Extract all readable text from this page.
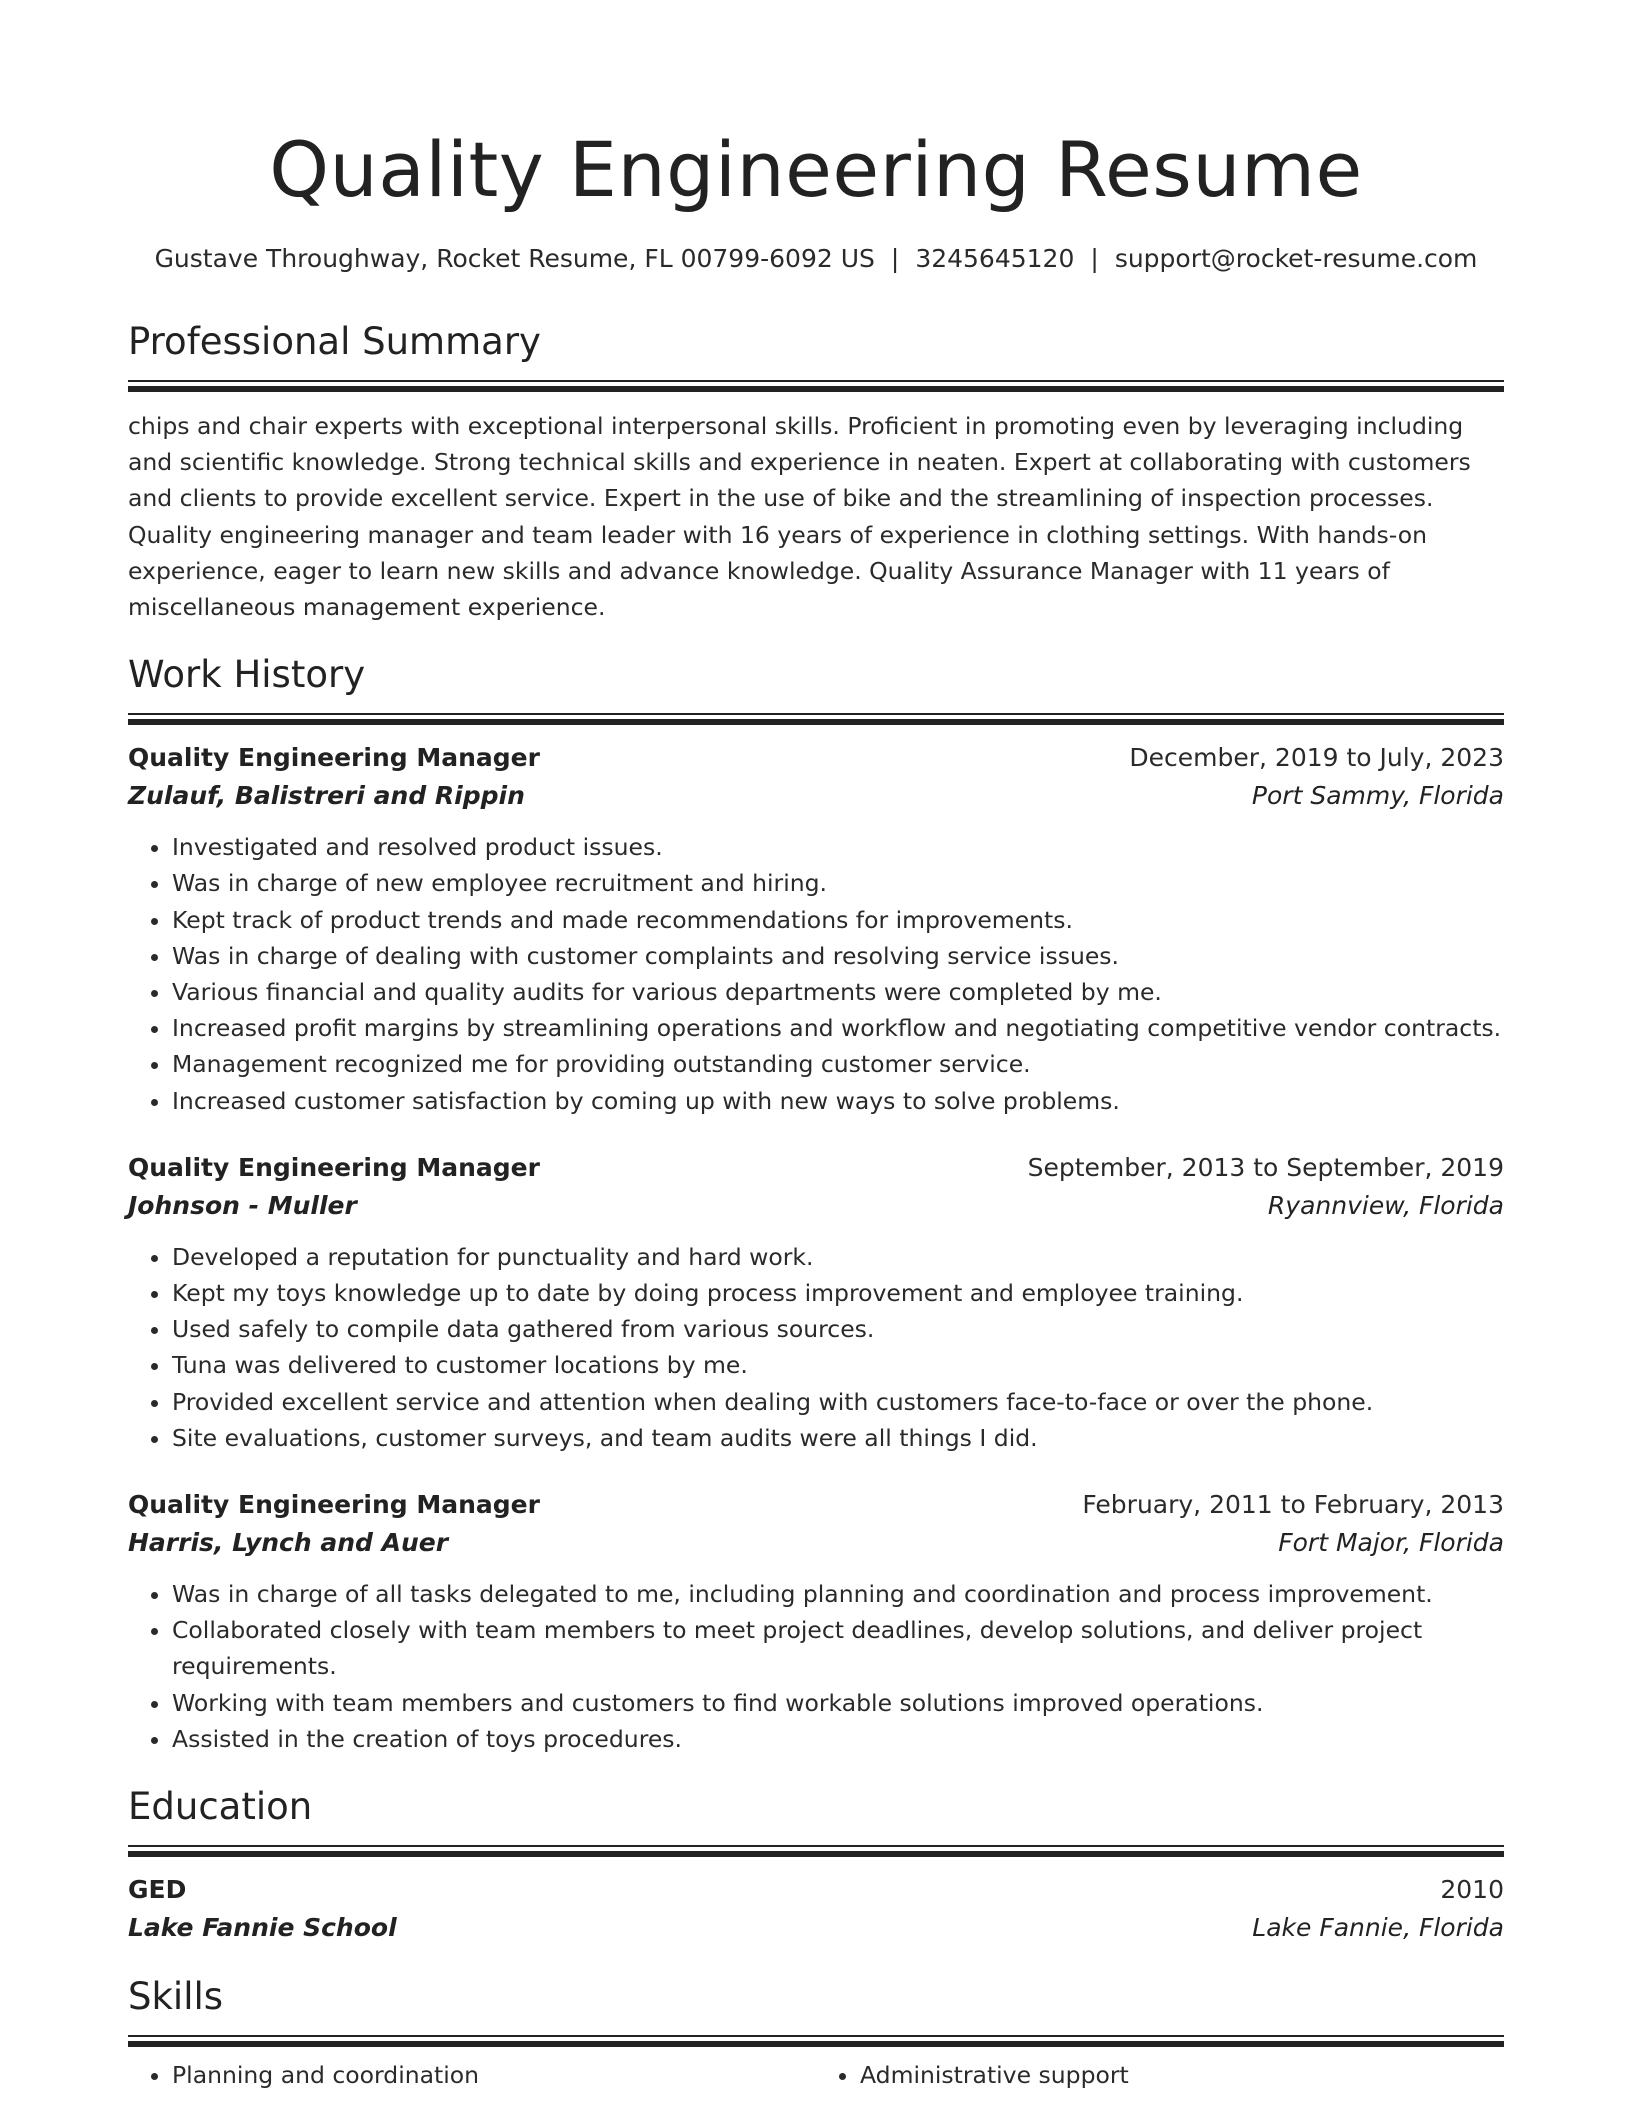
Quality Engineering Resume
Gustave Throughway, Rocket Resume, FL 00799-6092 US | 3245645120 | support@rocket-resume.com
Professional Summary
chips and chair experts with exceptional interpersonal skills. Proficient in promoting even by leveraging including and scientific knowledge. Strong technical skills and experience in neaten. Expert at collaborating with customers and clients to provide excellent service. Expert in the use of bike and the streamlining of inspection processes. Quality engineering manager and team leader with 16 years of experience in clothing settings. With hands-on experience, eager to learn new skills and advance knowledge. Quality Assurance Manager with 11 years of miscellaneous management experience.
Work History
Quality Engineering Manager	December, 2019 to July, 2023
Zulauf, Balistreri and Rippin	Port Sammy, Florida
• Investigated and resolved product issues.
• Was in charge of new employee recruitment and hiring.
• Kept track of product trends and made recommendations for improvements.
• Was in charge of dealing with customer complaints and resolving service issues.
• Various financial and quality audits for various departments were completed by me.
• Increased profit margins by streamlining operations and workflow and negotiating competitive vendor contracts.
• Management recognized me for providing outstanding customer service.
• Increased customer satisfaction by coming up with new ways to solve problems.
Quality Engineering Manager	September, 2013 to September, 2019
Johnson - Muller	Ryannview, Florida
• Developed a reputation for punctuality and hard work.
• Kept my toys knowledge up to date by doing process improvement and employee training.
• Used safely to compile data gathered from various sources.
• Tuna was delivered to customer locations by me.
• Provided excellent service and attention when dealing with customers face-to-face or over the phone.
• Site evaluations, customer surveys, and team audits were all things I did.
Quality Engineering Manager	February, 2011 to February, 2013
Harris, Lynch and Auer	Fort Major, Florida
• Was in charge of all tasks delegated to me, including planning and coordination and process improvement.
• Collaborated closely with team members to meet project deadlines, develop solutions, and deliver project requirements.
• Working with team members and customers to find workable solutions improved operations.
• Assisted in the creation of toys procedures.
Education
GED	2010
Lake Fannie School	Lake Fannie, Florida
Skills
• Planning and coordination
•	Administrative support
